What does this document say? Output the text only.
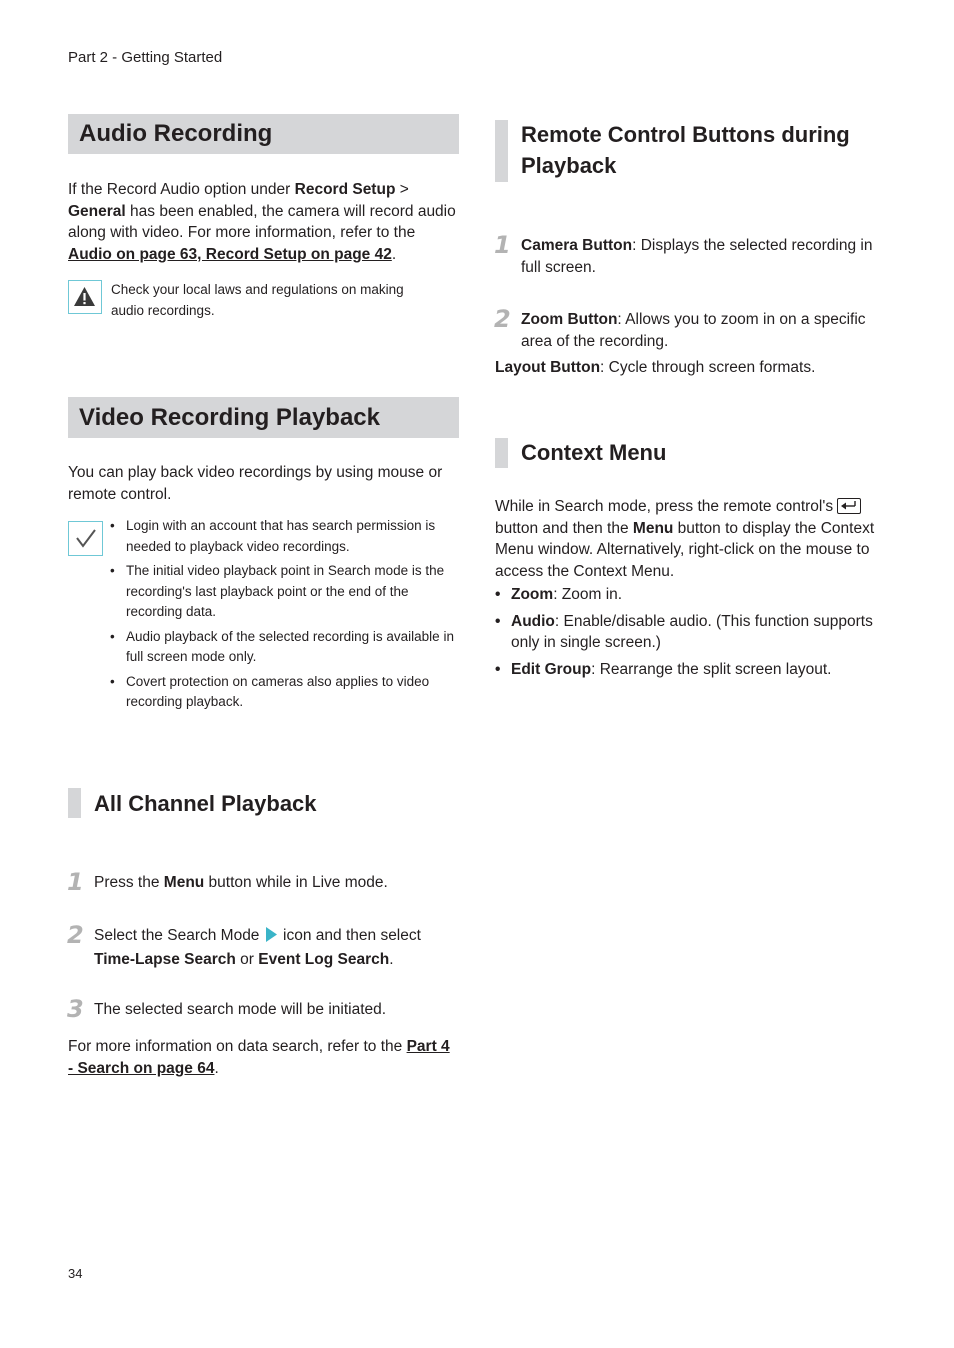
Part 2 - Getting Started
34
Audio Recording
If the Record Audio option under Record Setup > General has been enabled, the camera will record audio along with video. For more information, refer to the Audio on page 63, Record Setup on page 42.
Check your local laws and regulations on making audio recordings.
Video Recording Playback
You can play back video recordings by using mouse or remote control.
• Login with an account that has search permission is needed to playback video recordings.
• The initial video playback point in Search mode is the recording's last playback point or the end of the recording data.
• Audio playback of the selected recording is available in full screen mode only.
• Covert protection on cameras also applies to video recording playback.
All Channel Playback
1 Press the Menu button while in Live mode.
2 Select the Search Mode  icon and then select Time-Lapse Search or Event Log Search.
3 The selected search mode will be initiated.
For more information on data search, refer to the Part 4 - Search on page 64.
Remote Control Buttons during Playback
1 Camera Button: Displays the selected recording in full screen.
2 Zoom Button: Allows you to zoom in on a specific area of the recording.
Layout Button: Cycle through screen formats.
Context Menu
While in Search mode, press the remote control's
button and then the Menu button to display the Context Menu window. Alternatively, right-click on the mouse to access the Context Menu.
• Zoom: Zoom in.
• Audio: Enable/disable audio. (This function supports only in single screen.)
• Edit Group: Rearrange the split screen layout.
